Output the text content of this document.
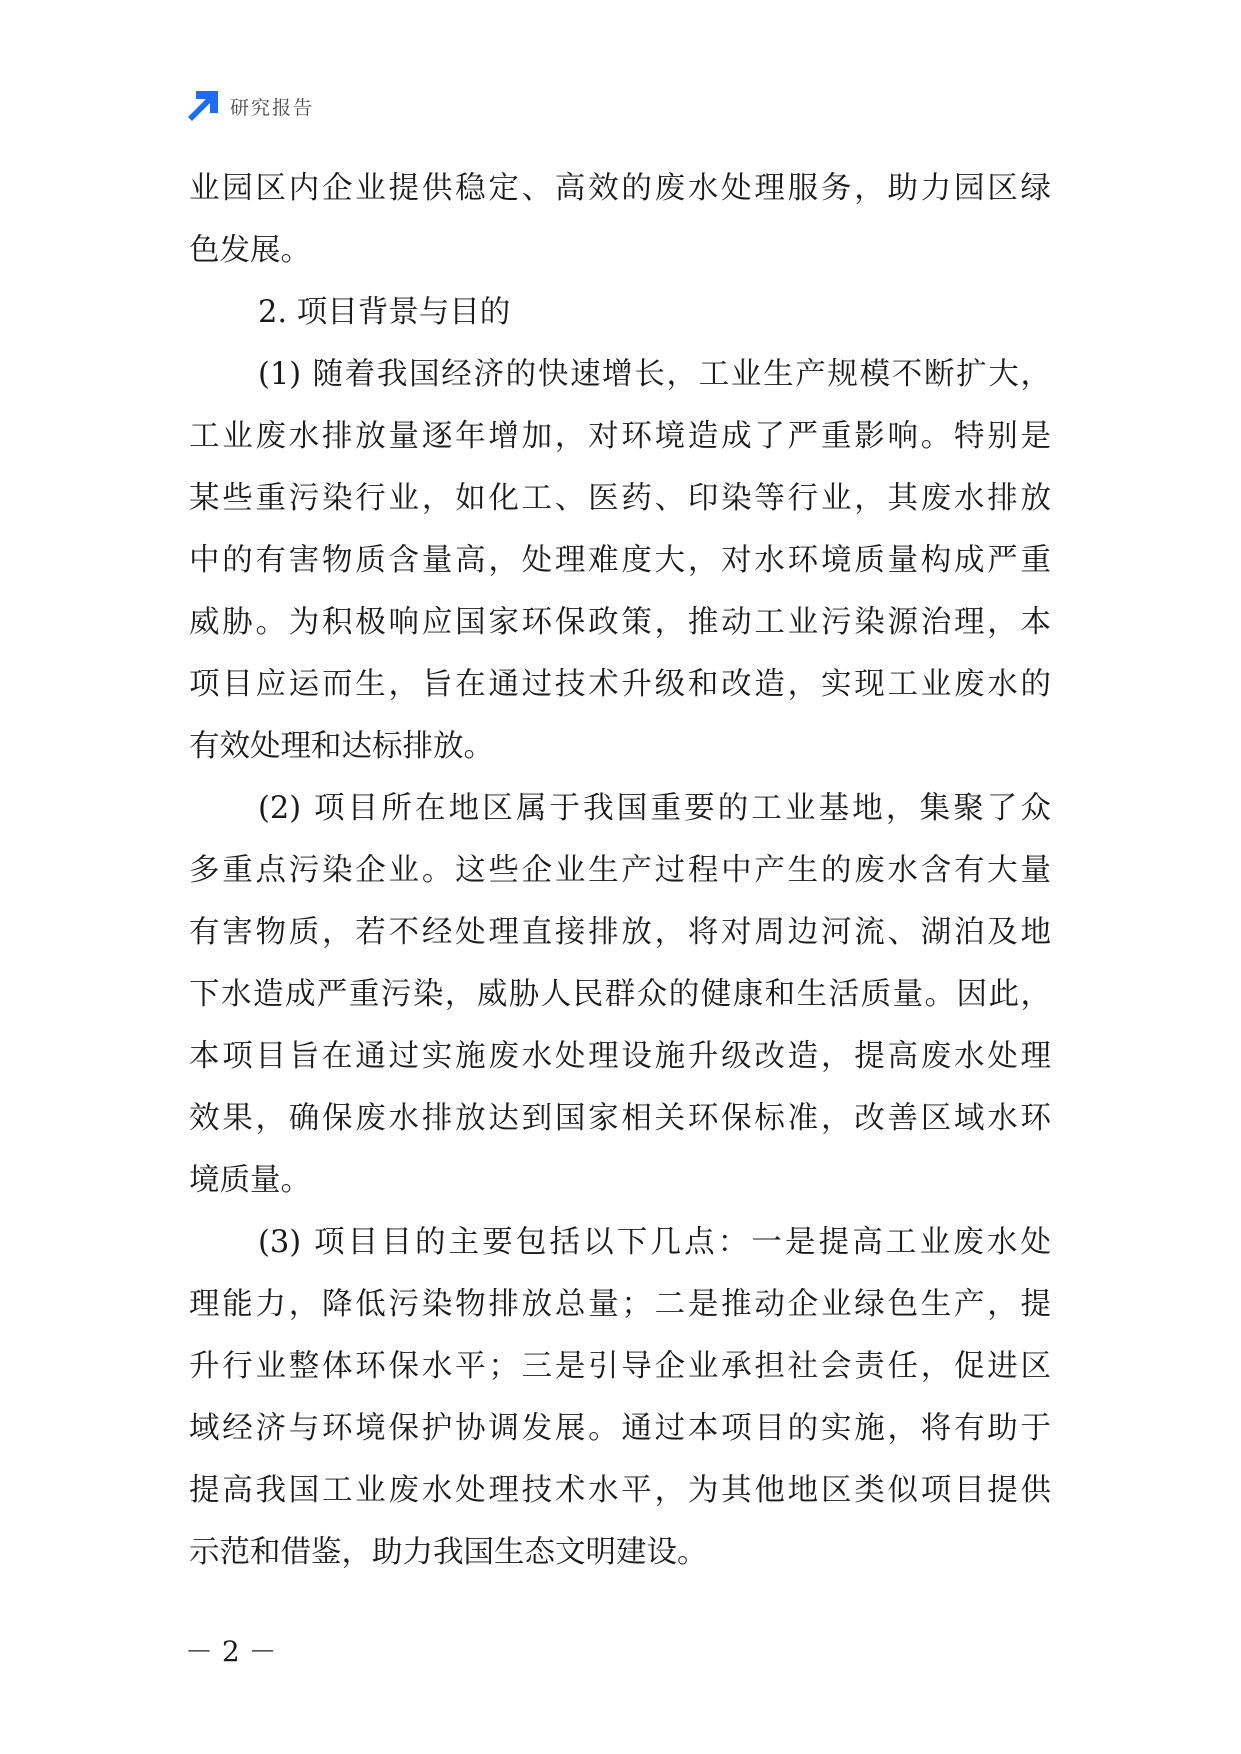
研究报告
业园区内企业提供稳定、高效的废水处理服务，助力园区绿
色发展。
2. 项目背景与目的
(1) 随着我国经济的快速增长，工业生产规模不断扩大，
工业废水排放量逐年增加，对环境造成了严重影响。特别是
某些重污染行业，如化工、医药、印染等行业，其废水排放
中的有害物质含量高，处理难度大，对水环境质量构成严重
威胁。为积极响应国家环保政策，推动工业污染源治理，本
项目应运而生，旨在通过技术升级和改造，实现工业废水的
有效处理和达标排放。
(2) 项目所在地区属于我国重要的工业基地，集聚了众
多重点污染企业。这些企业生产过程中产生的废水含有大量
有害物质，若不经处理直接排放，将对周边河流、湖泊及地
下水造成严重污染，威胁人民群众的健康和生活质量。因此，
本项目旨在通过实施废水处理设施升级改造，提高废水处理
效果，确保废水排放达到国家相关环保标准，改善区域水环
境质量。
(3) 项目目的主要包括以下几点：一是提高工业废水处
理能力，降低污染物排放总量；二是推动企业绿色生产，提
升行业整体环保水平；三是引导企业承担社会责任，促进区
域经济与环境保护协调发展。通过本项目的实施，将有助于
提高我国工业废水处理技术水平，为其他地区类似项目提供
示范和借鉴，助力我国生态文明建设。
－ 2 －
